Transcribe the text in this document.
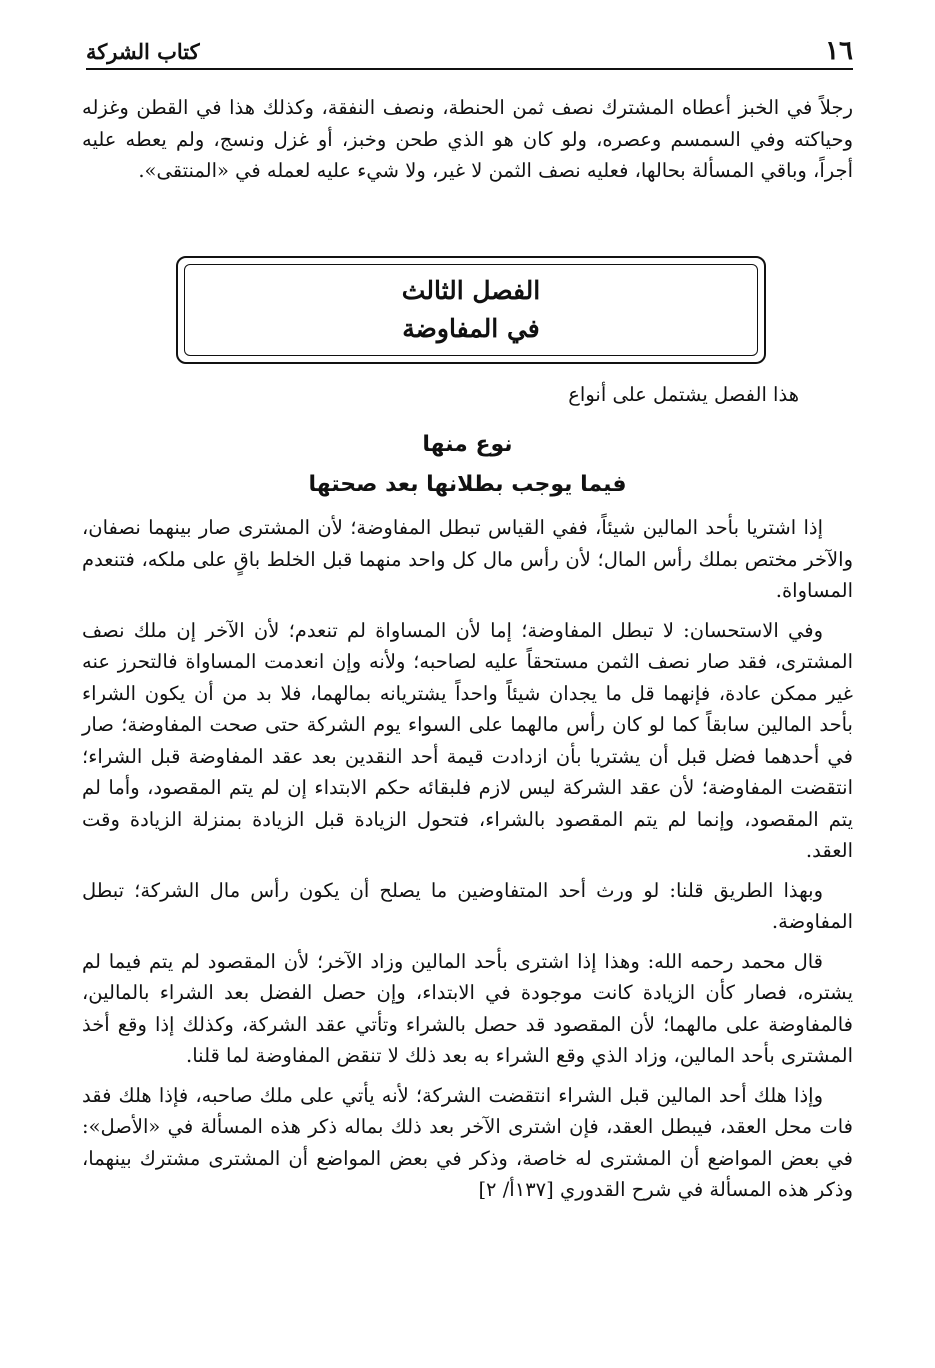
١٦
كتاب الشركة
رجلاً في الخبز أعطاه المشترك نصف ثمن الحنطة، ونصف النفقة، وكذلك هذا في القطن وغزله وحياكته وفي السمسم وعصره، ولو كان هو الذي طحن وخبز، أو غزل ونسج، ولم يعطه عليه أجراً، وباقي المسألة بحالها، فعليه نصف الثمن لا غير، ولا شيء عليه لعمله في «المنتقى».
الفصل الثالث
في المفاوضة
هذا الفصل يشتمل على أنواع
نوع منها
فيما يوجب بطلانها بعد صحتها

إذا اشتريا بأحد المالين شيئاً، ففي القياس تبطل المفاوضة؛ لأن المشترى صار بينهما نصفان، والآخر مختص بملك رأس المال؛ لأن رأس مال كل واحد منهما قبل الخلط باقٍ على ملكه، فتنعدم المساواة.

وفي الاستحسان: لا تبطل المفاوضة؛ إما لأن المساواة لم تنعدم؛ لأن الآخر إن ملك نصف المشترى، فقد صار نصف الثمن مستحقاً عليه لصاحبه؛ ولأنه وإن انعدمت المساواة فالتحرز عنه غير ممكن عادة، فإنهما قل ما يجدان شيئاً واحداً يشتريانه بمالهما، فلا بد من أن يكون الشراء بأحد المالين سابقاً كما لو كان رأس مالهما على السواء يوم الشركة حتى صحت المفاوضة؛ صار في أحدهما فضل قبل أن يشتريا بأن ازدادت قيمة أحد النقدين بعد عقد المفاوضة قبل الشراء؛ انتقضت المفاوضة؛ لأن عقد الشركة ليس لازم فلبقائه حكم الابتداء إن لم يتم المقصود، وأما لم يتم المقصود، وإنما لم يتم المقصود بالشراء، فتحول الزيادة قبل الزيادة بمنزلة الزيادة وقت العقد.

وبهذا الطريق قلنا: لو ورث أحد المتفاوضين ما يصلح أن يكون رأس مال الشركة؛ تبطل المفاوضة.

قال محمد رحمه الله: وهذا إذا اشترى بأحد المالين وزاد الآخر؛ لأن المقصود لم يتم فيما لم يشتره، فصار كأن الزيادة كانت موجودة في الابتداء، وإن حصل الفضل بعد الشراء بالمالين، فالمفاوضة على مالهما؛ لأن المقصود قد حصل بالشراء وتأتي عقد الشركة، وكذلك إذا وقع أخذ المشترى بأحد المالين، وزاد الذي وقع الشراء به بعد ذلك لا تنقض المفاوضة لما قلنا.

وإذا هلك أحد المالين قبل الشراء انتقضت الشركة؛ لأنه يأتي على ملك صاحبه، فإذا هلك فقد فات محل العقد، فيبطل العقد، فإن اشترى الآخر بعد ذلك بماله ذكر هذه المسألة في «الأصل»: في بعض المواضع أن المشترى له خاصة، وذكر في بعض المواضع أن المشترى مشترك بينهما، وذكر هذه المسألة في شرح القدوري [١٣٧أ/ ٢]
